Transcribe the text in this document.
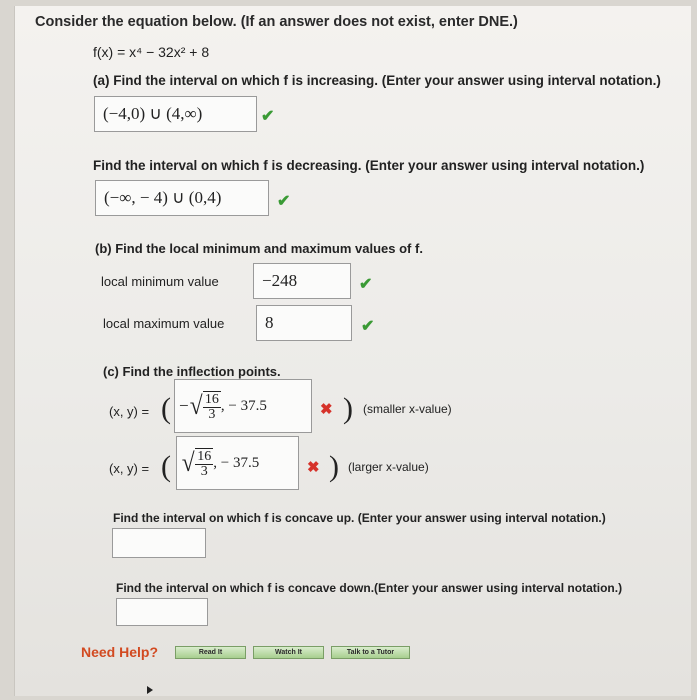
Consider the equation below. (If an answer does not exist, enter DNE.)
f(x) = x⁴ − 32x² + 8
(a) Find the interval on which f is increasing. (Enter your answer using interval notation.)
(−4,0) ∪ (4,∞)	✔
Find the interval on which f is decreasing. (Enter your answer using interval notation.)
(−∞, − 4) ∪ (0,4)	✔
(b) Find the local minimum and maximum values of f.
local minimum value	−248	✔
local maximum value 8	✔
(c) Find the inflection points.
(x, y) = ( − √ $\frac{16}{3}$ , − 37.5	✖ ) (smaller x-value)
(x, y) = ( √ $\frac{16}{3}$ , − 37.5	✖ ) (larger x-value)
Find the interval on which f is concave up. (Enter your answer using interval notation.)
Find the interval on which f is concave down.(Enter your answer using interval notation.)
Need Help?	Read It	Watch It	Talk to a Tutor
